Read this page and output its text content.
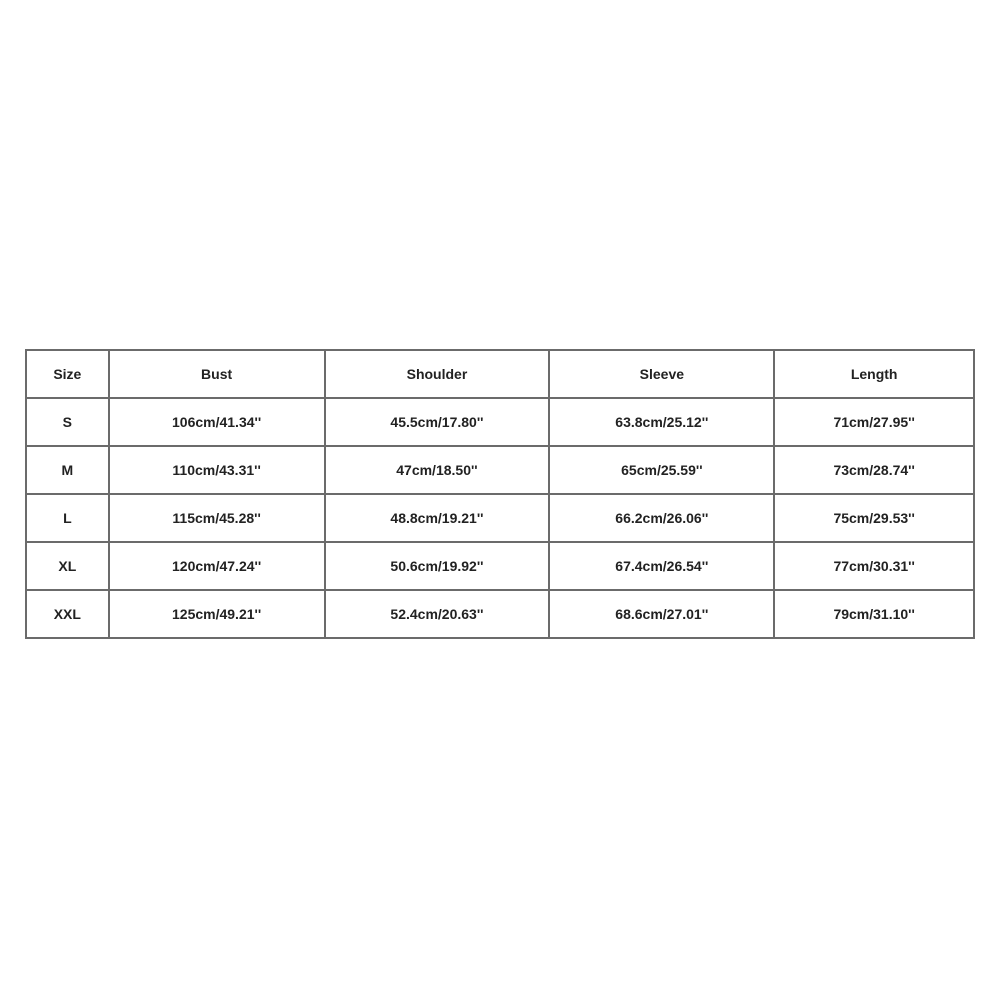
Size	Bust	Shoulder	Sleeve	Length
S	106cm/41.34''	45.5cm/17.80''	63.8cm/25.12''	71cm/27.95''
M	110cm/43.31''	47cm/18.50''	65cm/25.59''	73cm/28.74''
L	115cm/45.28''	48.8cm/19.21''	66.2cm/26.06''	75cm/29.53''
XL	120cm/47.24''	50.6cm/19.92''	67.4cm/26.54''	77cm/30.31''
XXL	125cm/49.21''	52.4cm/20.63''	68.6cm/27.01''	79cm/31.10''
